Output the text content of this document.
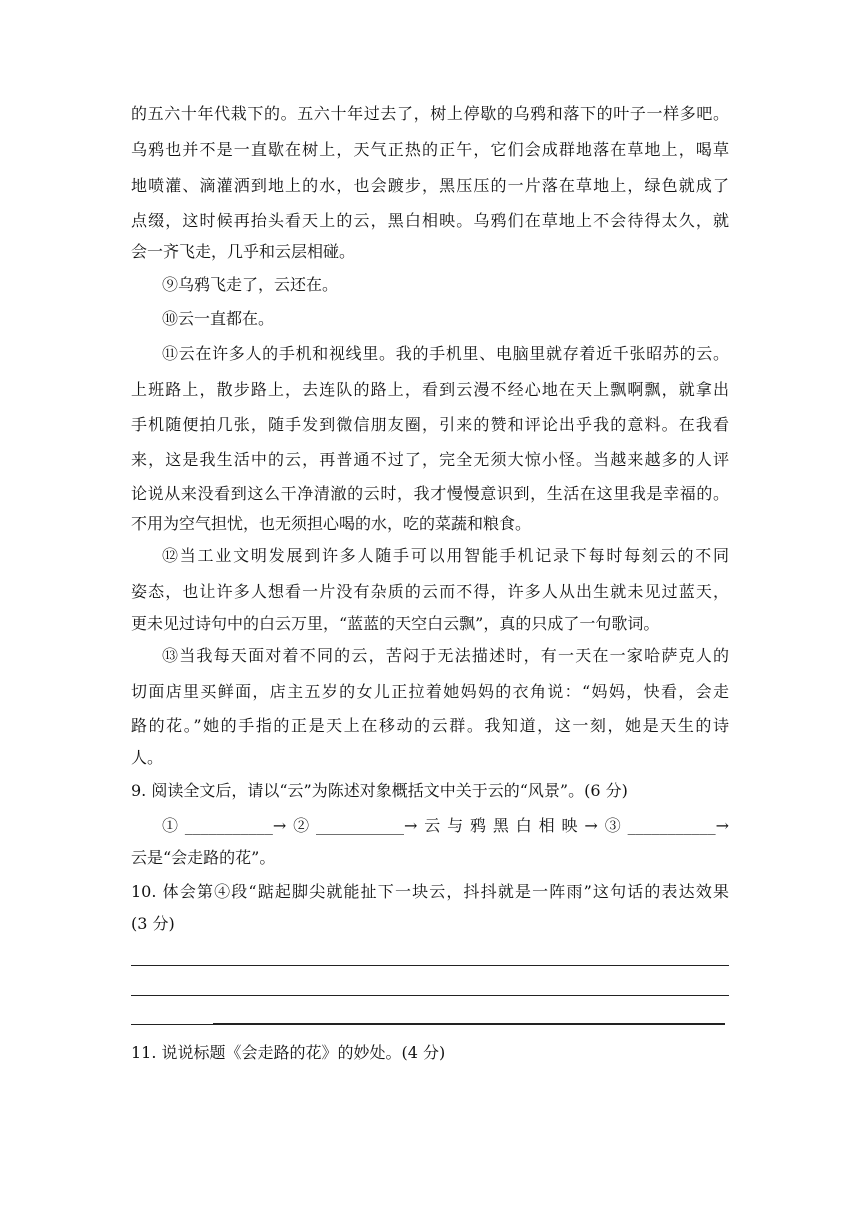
的五六十年代栽下的。五六十年过去了，树上停歇的乌鸦和落下的叶子一样多吧。
乌鸦也并不是一直歇在树上，天气正热的正午，它们会成群地落在草地上，喝草
地喷灌、滴灌洒到地上的水，也会踱步，黑压压的一片落在草地上，绿色就成了
点缀，这时候再抬头看天上的云，黑白相映。乌鸦们在草地上不会待得太久，就
会一齐飞走，几乎和云层相碰。
⑨乌鸦飞走了，云还在。
⑩云一直都在。
⑪云在许多人的手机和视线里。我的手机里、电脑里就存着近千张昭苏的云。
上班路上，散步路上，去连队的路上，看到云漫不经心地在天上飘啊飘，就拿出
手机随便拍几张，随手发到微信朋友圈，引来的赞和评论出乎我的意料。在我看
来，这是我生活中的云，再普通不过了，完全无须大惊小怪。当越来越多的人评
论说从来没看到这么干净清澈的云时，我才慢慢意识到，生活在这里我是幸福的。
不用为空气担忧，也无须担心喝的水，吃的菜蔬和粮食。
⑫当工业文明发展到许多人随手可以用智能手机记录下每时每刻云的不同
姿态，也让许多人想看一片没有杂质的云而不得，许多人从出生就未见过蓝天，
更未见过诗句中的白云万里，“蓝蓝的天空白云飘”，真的只成了一句歌词。
⑬当我每天面对着不同的云，苦闷于无法描述时，有一天在一家哈萨克人的
切面店里买鲜面，店主五岁的女儿正拉着她妈妈的衣角说：“妈妈，快看，会走
路的花。”她的手指的正是天上在移动的云群。我知道，这一刻，她是天生的诗
人。
9. 阅读全文后，请以“云”为陈述对象概括文中关于云的“风景”。(6 分)
①___________→②___________→云与鸦黑白相映→③___________→
云是“会走路的花”。
10. 体会第④段“踮起脚尖就能扯下一块云，抖抖就是一阵雨”这句话的表达效果
(3 分)
11. 说说标题《会走路的花》的妙处。(4 分)
